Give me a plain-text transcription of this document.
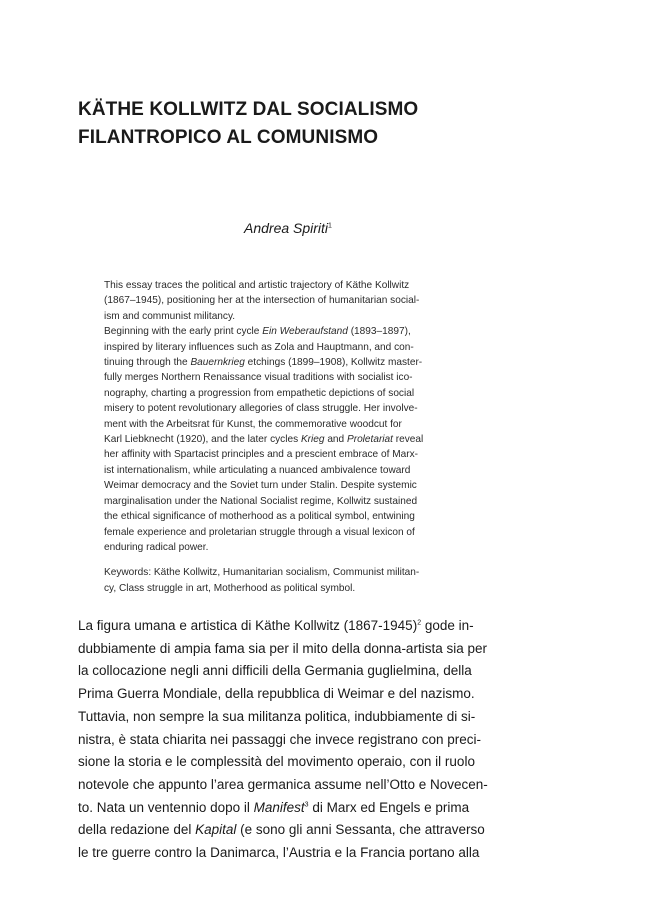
KÄTHE KOLLWITZ DAL SOCIALISMO
FILANTROPICO AL COMUNISMO
Andrea Spiriti$^1$
This essay traces the political and artistic trajectory of Käthe Kollwitz
(1867–1945), positioning her at the intersection of humanitarian social-
ism and communist militancy.
Beginning with the early print cycle Ein Weberaufstand (1893–1897),
inspired by literary influences such as Zola and Hauptmann, and con-
tinuing through the Bauernkrieg etchings (1899–1908), Kollwitz master-
fully merges Northern Renaissance visual traditions with socialist ico-
nography, charting a progression from empathetic depictions of social
misery to potent revolutionary allegories of class struggle. Her involve-
ment with the Arbeitsrat für Kunst, the commemorative woodcut for
Karl Liebknecht (1920), and the later cycles Krieg and Proletariat reveal
her affinity with Spartacist principles and a prescient embrace of Marx-
ist internationalism, while articulating a nuanced ambivalence toward
Weimar democracy and the Soviet turn under Stalin. Despite systemic
marginalisation under the National Socialist regime, Kollwitz sustained
the ethical significance of motherhood as a political symbol, entwining
female experience and proletarian struggle through a visual lexicon of
enduring radical power.
Keywords: Käthe Kollwitz, Humanitarian socialism, Communist militan-
cy, Class struggle in art, Motherhood as political symbol.
La figura umana e artistica di Käthe Kollwitz (1867-1945)$^2$ gode in-
dubbiamente di ampia fama sia per il mito della donna-artista sia per
la collocazione negli anni difficili della Germania guglielmina, della
Prima Guerra Mondiale, della repubblica di Weimar e del nazismo.
Tuttavia, non sempre la sua militanza politica, indubbiamente di si-
nistra, è stata chiarita nei passaggi che invece registrano con preci-
sione la storia e le complessità del movimento operaio, con il ruolo
notevole che appunto l’area germanica assume nell’Otto e Novecen-
to. Nata un ventennio dopo il Manifest$^3$ di Marx ed Engels e prima
della redazione del Kapital (e sono gli anni Sessanta, che attraverso
le tre guerre contro la Danimarca, l’Austria e la Francia portano alla
